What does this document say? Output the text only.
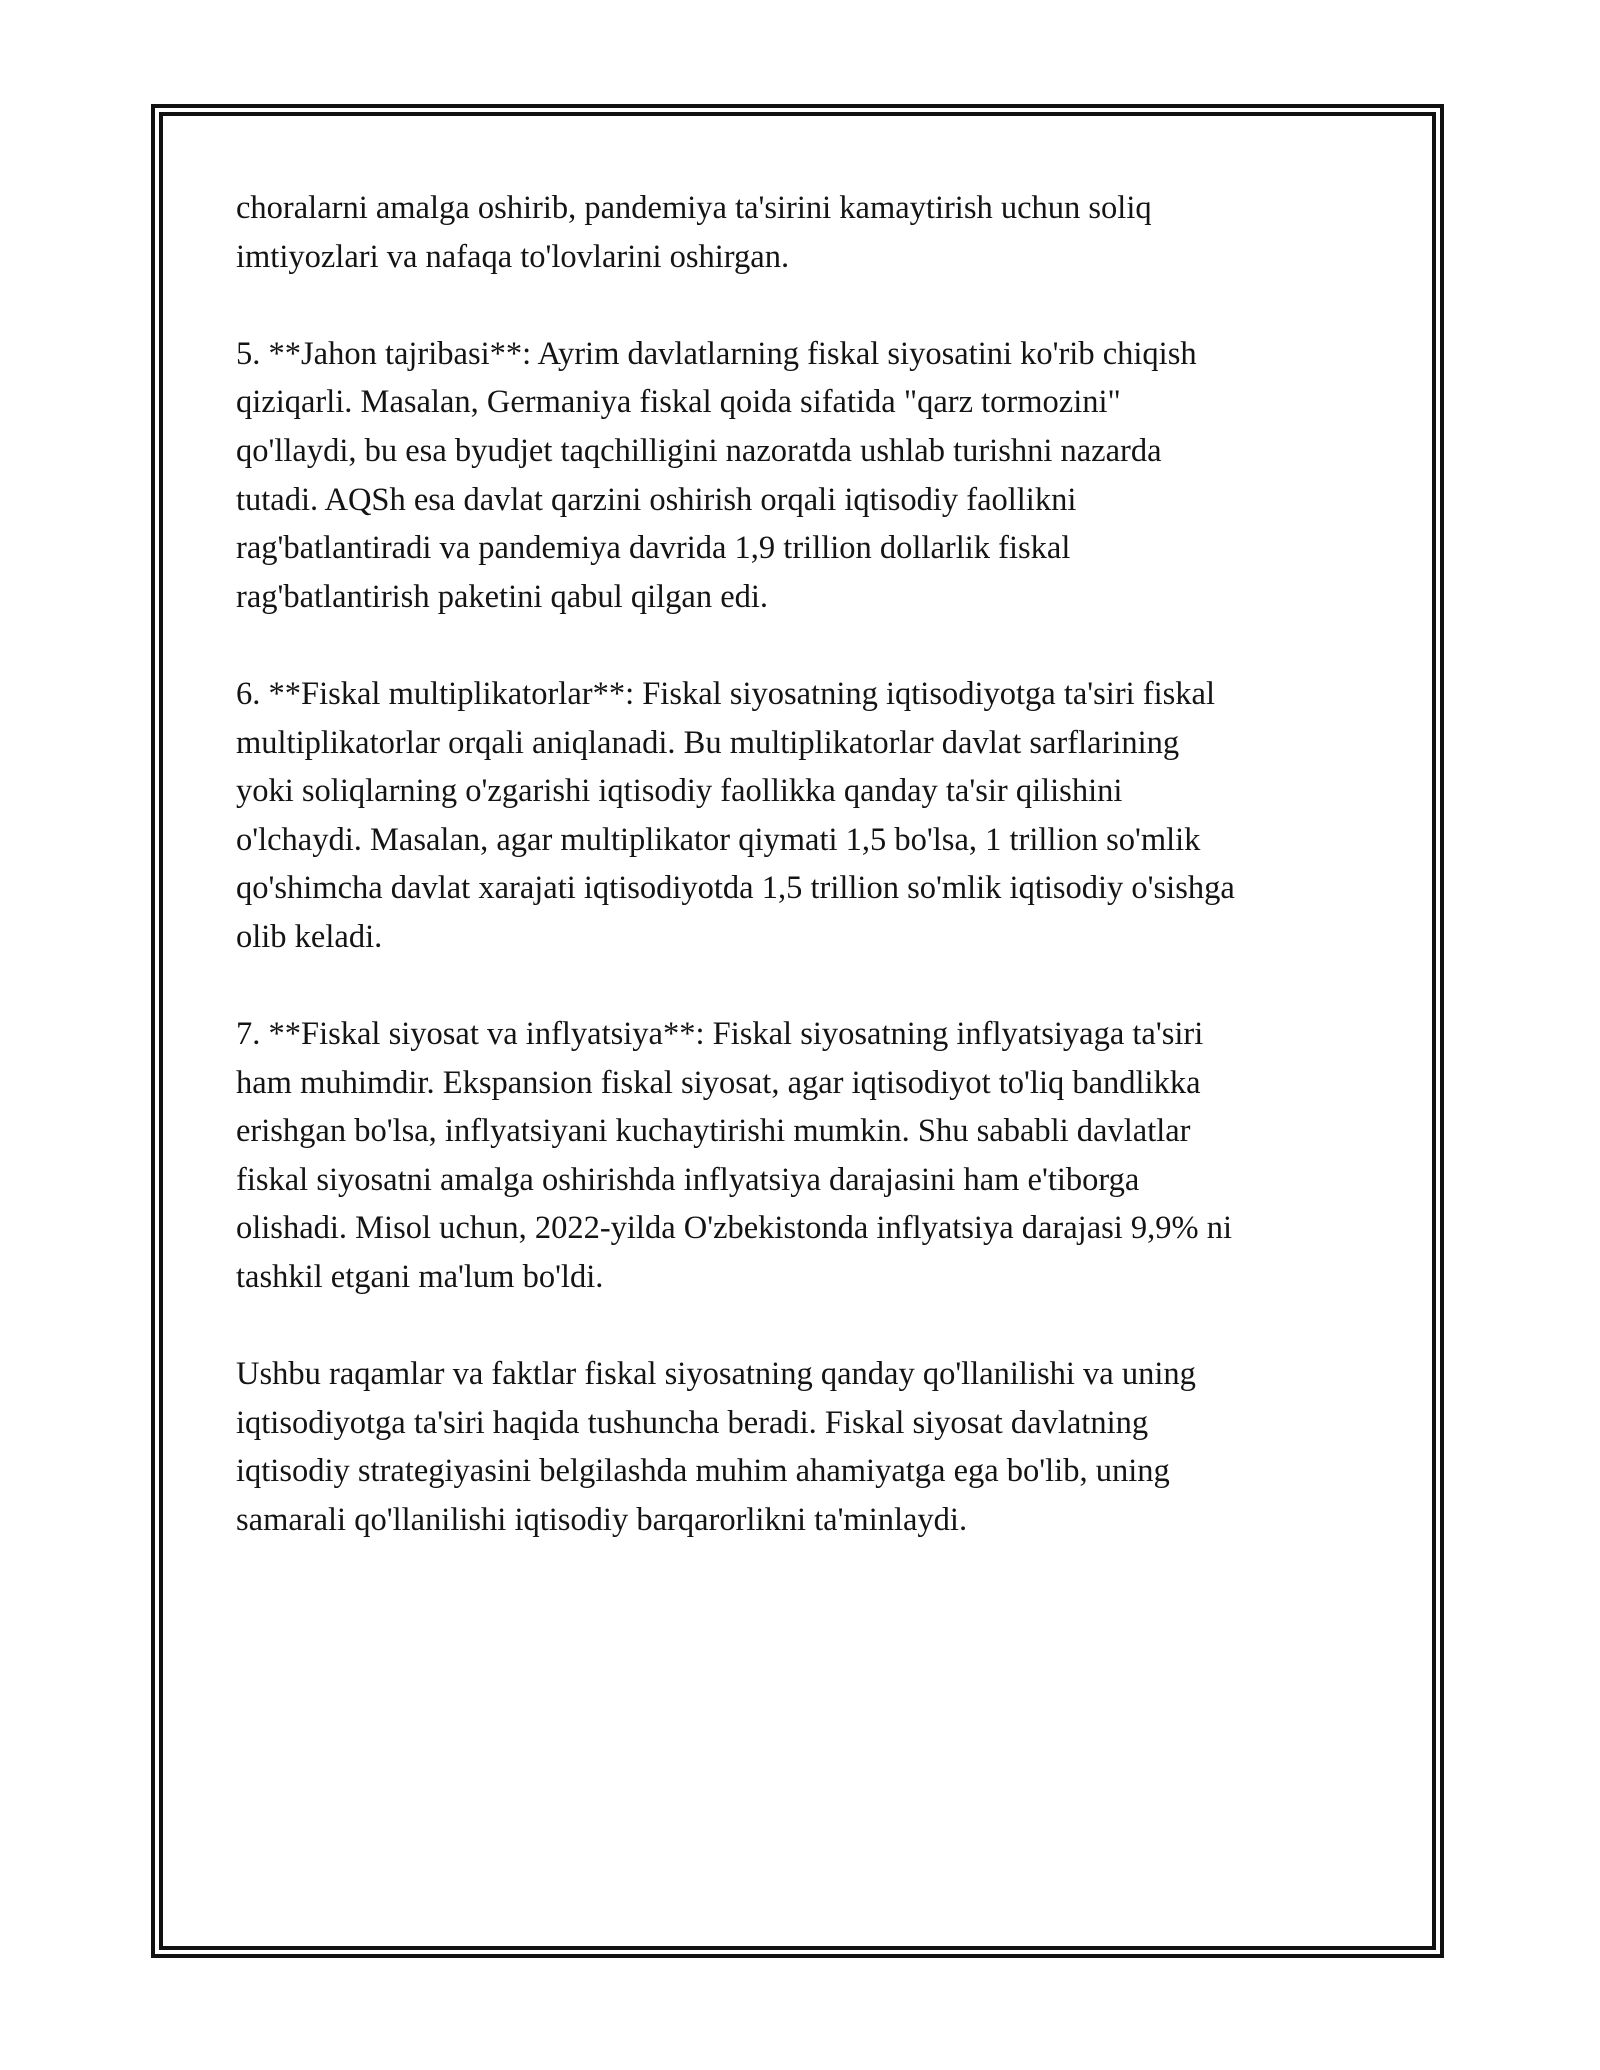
choralarni amalga oshirib, pandemiya ta'sirini kamaytirish uchun soliq
imtiyozlari va nafaqa to'lovlarini oshirgan.

5. **Jahon tajribasi**: Ayrim davlatlarning fiskal siyosatini ko'rib chiqish
qiziqarli. Masalan, Germaniya fiskal qoida sifatida "qarz tormozini"
qo'llaydi, bu esa byudjet taqchilligini nazoratda ushlab turishni nazarda
tutadi. AQSh esa davlat qarzini oshirish orqali iqtisodiy faollikni
rag'batlantiradi va pandemiya davrida 1,9 trillion dollarlik fiskal
rag'batlantirish paketini qabul qilgan edi.

6. **Fiskal multiplikatorlar**: Fiskal siyosatning iqtisodiyotga ta'siri fiskal
multiplikatorlar orqali aniqlanadi. Bu multiplikatorlar davlat sarflarining
yoki soliqlarning o'zgarishi iqtisodiy faollikka qanday ta'sir qilishini
o'lchaydi. Masalan, agar multiplikator qiymati 1,5 bo'lsa, 1 trillion so'mlik
qo'shimcha davlat xarajati iqtisodiyotda 1,5 trillion so'mlik iqtisodiy o'sishga
olib keladi.

7. **Fiskal siyosat va inflyatsiya**: Fiskal siyosatning inflyatsiyaga ta'siri
ham muhimdir. Ekspansion fiskal siyosat, agar iqtisodiyot to'liq bandlikka
erishgan bo'lsa, inflyatsiyani kuchaytirishi mumkin. Shu sababli davlatlar
fiskal siyosatni amalga oshirishda inflyatsiya darajasini ham e'tiborga
olishadi. Misol uchun, 2022-yilda O'zbekistonda inflyatsiya darajasi 9,9% ni
tashkil etgani ma'lum bo'ldi.

Ushbu raqamlar va faktlar fiskal siyosatning qanday qo'llanilishi va uning
iqtisodiyotga ta'siri haqida tushuncha beradi. Fiskal siyosat davlatning
iqtisodiy strategiyasini belgilashda muhim ahamiyatga ega bo'lib, uning
samarali qo'llanilishi iqtisodiy barqarorlikni ta'minlaydi.
